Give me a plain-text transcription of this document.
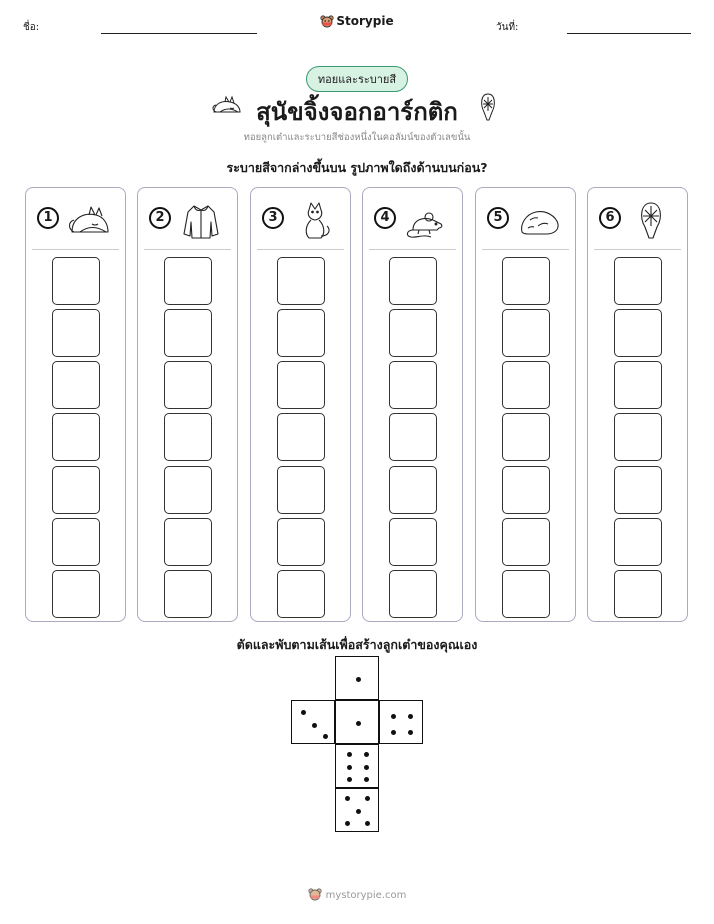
ชื่อ:	Storypie	วันที่:
ทอยและระบายสี
สุนัขจิ้งจอกอาร์กติก
ทอยลูกเต๋าและระบายสีช่องหนึ่งในคอลัมน์ของตัวเลขนั้น
ระบายสีจากล่างขึ้นบน รูปภาพใดถึงด้านบนก่อน?
1	2	3	4	5	6
ตัดและพับตามเส้นเพื่อสร้างลูกเต๋าของคุณเอง
mystorypie.com
